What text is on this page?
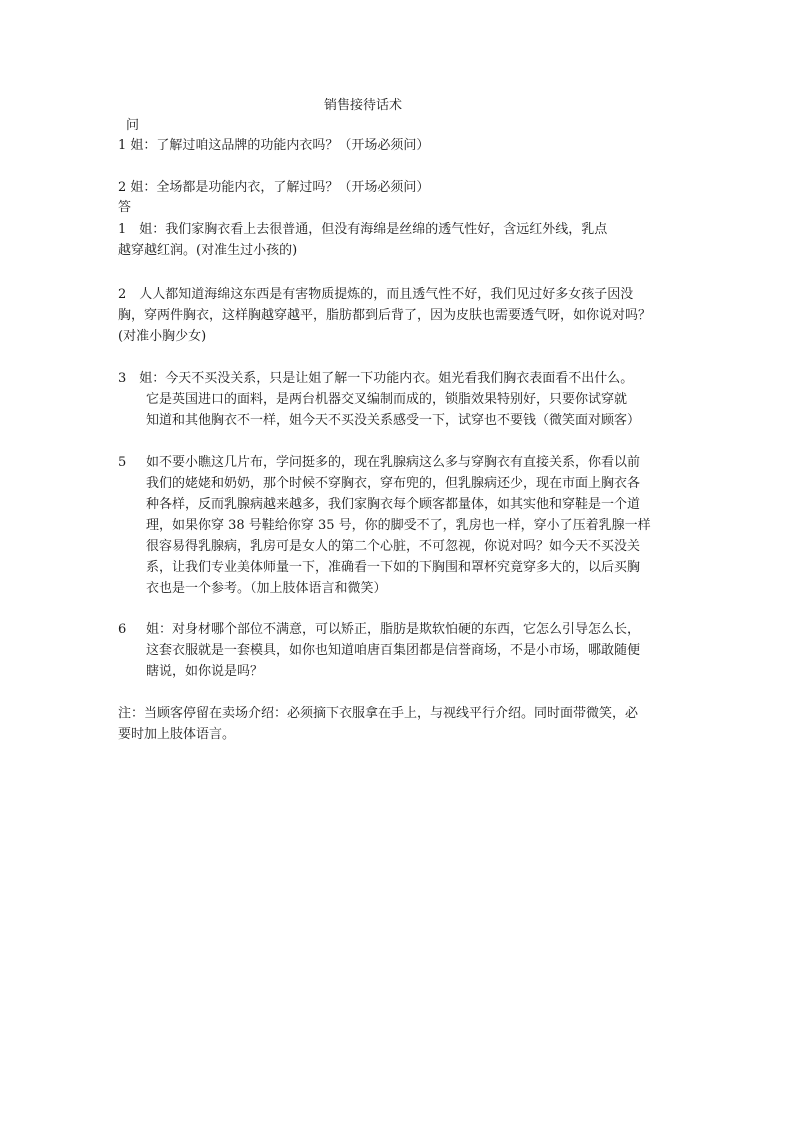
销售接待话术
问
1 姐：了解过咱这品牌的功能内衣吗？（开场必须问）
2 姐：全场都是功能内衣，了解过吗？（开场必须问）
答
1　姐：我们家胸衣看上去很普通，但没有海绵是丝绵的透气性好，含远红外线，乳点
越穿越红润。(对准生过小孩的)
2　人人都知道海绵这东西是有害物质提炼的，而且透气性不好，我们见过好多女孩子因没
胸，穿两件胸衣，这样胸越穿越平，脂肪都到后背了，因为皮肤也需要透气呀，如你说对吗？
(对准小胸少女)
3　姐：今天不买没关系，只是让姐了解一下功能内衣。姐光看我们胸衣表面看不出什么。
它是英国进口的面料，是两台机器交叉编制而成的，锁脂效果特别好，只要你试穿就
知道和其他胸衣不一样，姐今天不买没关系感受一下，试穿也不要钱（微笑面对顾客）
5 如不要小瞧这几片布，学问挺多的，现在乳腺病这么多与穿胸衣有直接关系，你看以前
我们的姥姥和奶奶，那个时候不穿胸衣，穿布兜的，但乳腺病还少，现在市面上胸衣各
种各样，反而乳腺病越来越多，我们家胸衣每个顾客都量体，如其实他和穿鞋是一个道
理，如果你穿 38 号鞋给你穿 35 号，你的脚受不了，乳房也一样，穿小了压着乳腺一样
很容易得乳腺病，乳房可是女人的第二个心脏，不可忽视，你说对吗？如今天不买没关
系，让我们专业美体师量一下，准确看一下如的下胸围和罩杯究竟穿多大的，以后买胸
衣也是一个参考。（加上肢体语言和微笑）
6 姐：对身材哪个部位不满意，可以矫正，脂肪是欺软怕硬的东西，它怎么引导怎么长，
这套衣服就是一套模具，如你也知道咱唐百集团都是信誉商场，不是小市场，哪敢随便
瞎说，如你说是吗？
注：当顾客停留在卖场介绍：必须摘下衣服拿在手上，与视线平行介绍。同时面带微笑，必
要时加上肢体语言。
